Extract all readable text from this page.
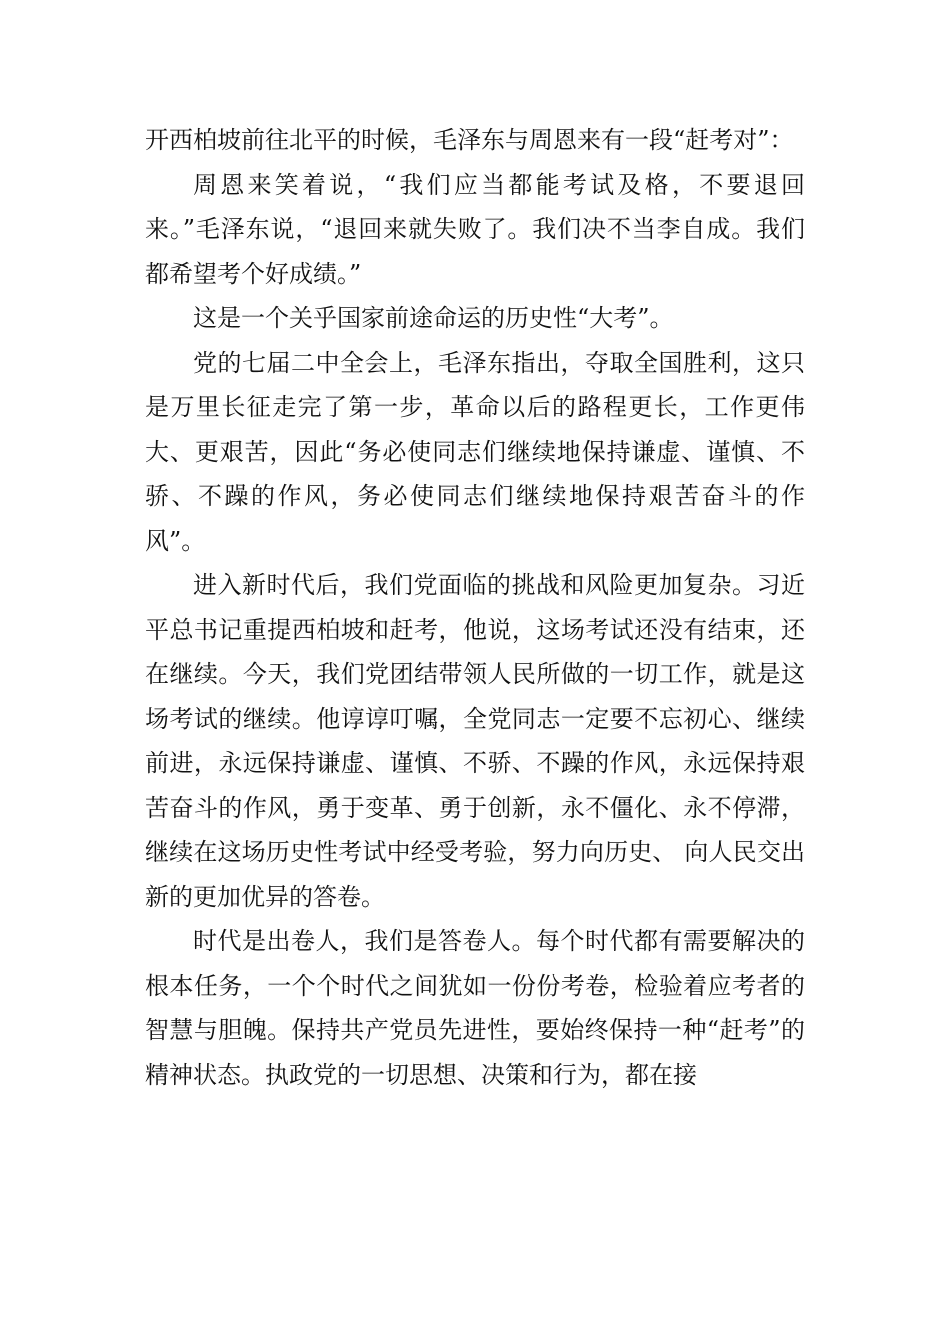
开西柏坡前往北平的时候，毛泽东与周恩来有一段“赶考对”：

周恩来笑着说，“我们应当都能考试及格，不要退回来。”毛泽东说，“退回来就失败了。我们决不当李自成。我们都希望考个好成绩。”

这是一个关乎国家前途命运的历史性“大考”。

党的七届二中全会上，毛泽东指出，夺取全国胜利，这只是万里长征走完了第一步，革命以后的路程更长，工作更伟大、更艰苦，因此“务必使同志们继续地保持谦虚、谨慎、不骄、不躁的作风，务必使同志们继续地保持艰苦奋斗的作风”。

进入新时代后，我们党面临的挑战和风险更加复杂。习近平总书记重提西柏坡和赶考，他说，这场考试还没有结束，还在继续。今天，我们党团结带领人民所做的一切工作，就是这场考试的继续。他谆谆叮嘱，全党同志一定要不忘初心、继续前进，永远保持谦虚、谨慎、不骄、不躁的作风，永远保持艰苦奋斗的作风，勇于变革、勇于创新，永不僵化、永不停滞，继续在这场历史性考试中经受考验，努力向历史、 向人民交出新的更加优异的答卷。

时代是出卷人，我们是答卷人。每个时代都有需要解决的根本任务，一个个时代之间犹如一份份考卷，检验着应考者的智慧与胆魄。保持共产党员先进性，要始终保持一种“赶考”的精神状态。执政党的一切思想、决策和行为，都在接
